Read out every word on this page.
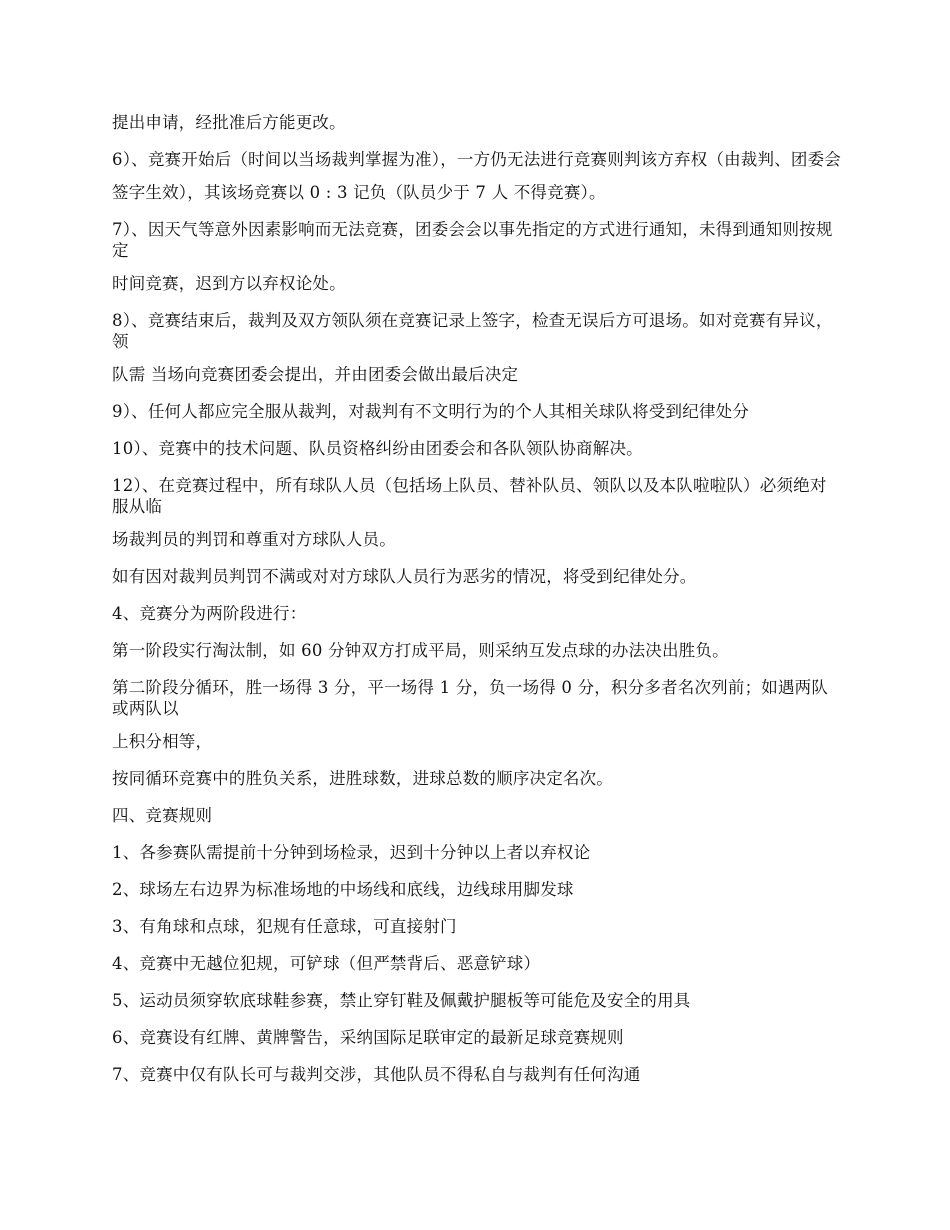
提出申请，经批准后方能更改。

6）、竞赛开始后（时间以当场裁判掌握为准），一方仍无法进行竞赛则判该方弃权（由裁判、团委会

签字生效），其该场竞赛以 0 : 3 记负（队员少于 7 人 不得竞赛）。

7）、因天气等意外因素影响而无法竞赛，团委会会以事先指定的方式进行通知，未得到通知则按规定

时间竞赛，迟到方以弃权论处。

8）、竞赛结束后，裁判及双方领队须在竞赛记录上签字，检查无误后方可退场。如对竞赛有异议，领

队需 当场向竞赛团委会提出，并由团委会做出最后决定

9）、任何人都应完全服从裁判，对裁判有不文明行为的个人其相关球队将受到纪律处分

10）、竞赛中的技术问题、队员资格纠纷由团委会和各队领队协商解决。

12）、在竞赛过程中，所有球队人员（包括场上队员、替补队员、领队以及本队啦啦队）必须绝对服从临

场裁判员的判罚和尊重对方球队人员。

如有因对裁判员判罚不满或对对方球队人员行为恶劣的情况，将受到纪律处分。

4、竞赛分为两阶段进行：

第一阶段实行淘汰制，如 60 分钟双方打成平局，则采纳互发点球的办法决出胜负。

第二阶段分循环，胜一场得 3 分，平一场得 1 分，负一场得 0 分，积分多者名次列前；如遇两队或两队以

上积分相等，

按同循环竞赛中的胜负关系，进胜球数，进球总数的顺序决定名次。

四、竞赛规则

1、各参赛队需提前十分钟到场检录，迟到十分钟以上者以弃权论

2、球场左右边界为标准场地的中场线和底线，边线球用脚发球

3、有角球和点球，犯规有任意球，可直接射门

4、竞赛中无越位犯规，可铲球（但严禁背后、恶意铲球）

5、运动员须穿软底球鞋参赛，禁止穿钉鞋及佩戴护腿板等可能危及安全的用具

6、竞赛设有红牌、黄牌警告，采纳国际足联审定的最新足球竞赛规则

7、竞赛中仅有队长可与裁判交涉，其他队员不得私自与裁判有任何沟通
